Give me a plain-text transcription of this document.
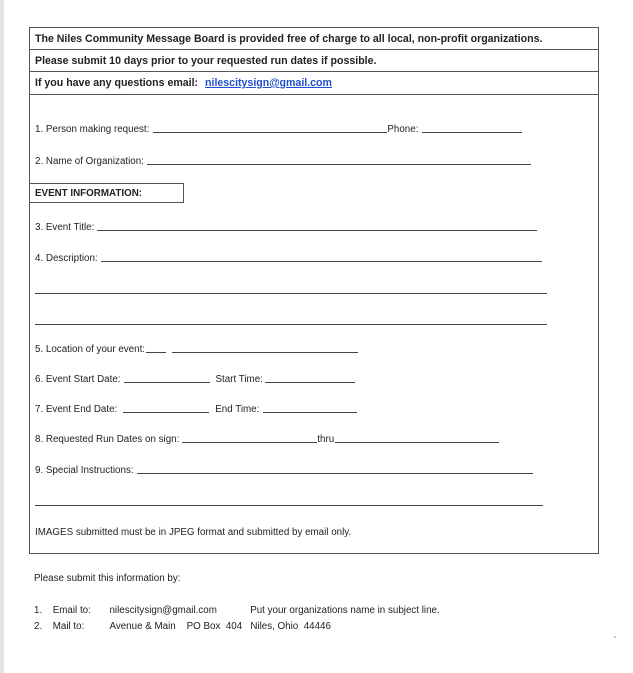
The Niles Community Message Board is provided free of charge to all local, non-profit organizations.
Please submit 10 days prior to your requested run dates if possible.
If you have any questions email: nilescitysign@gmail.com
1. Person making request:	Phone:
2. Name of Organization:
EVENT INFORMATION:
3. Event Title:
4. Description:
5. Location of your event:
6. Event Start Date:	Start Time:
7. Event End Date:	End Time:
8. Requested Run Dates on sign:	thru
9. Special Instructions:
IMAGES submitted must be in JPEG format and submitted by email only.
Please submit this information by:
1. Email to: nilescitysign@gmail.com	Put your organizations name in subject line.
2. Mail to:	Avenue & Main    PO Box  404   Niles, Ohio  44446
